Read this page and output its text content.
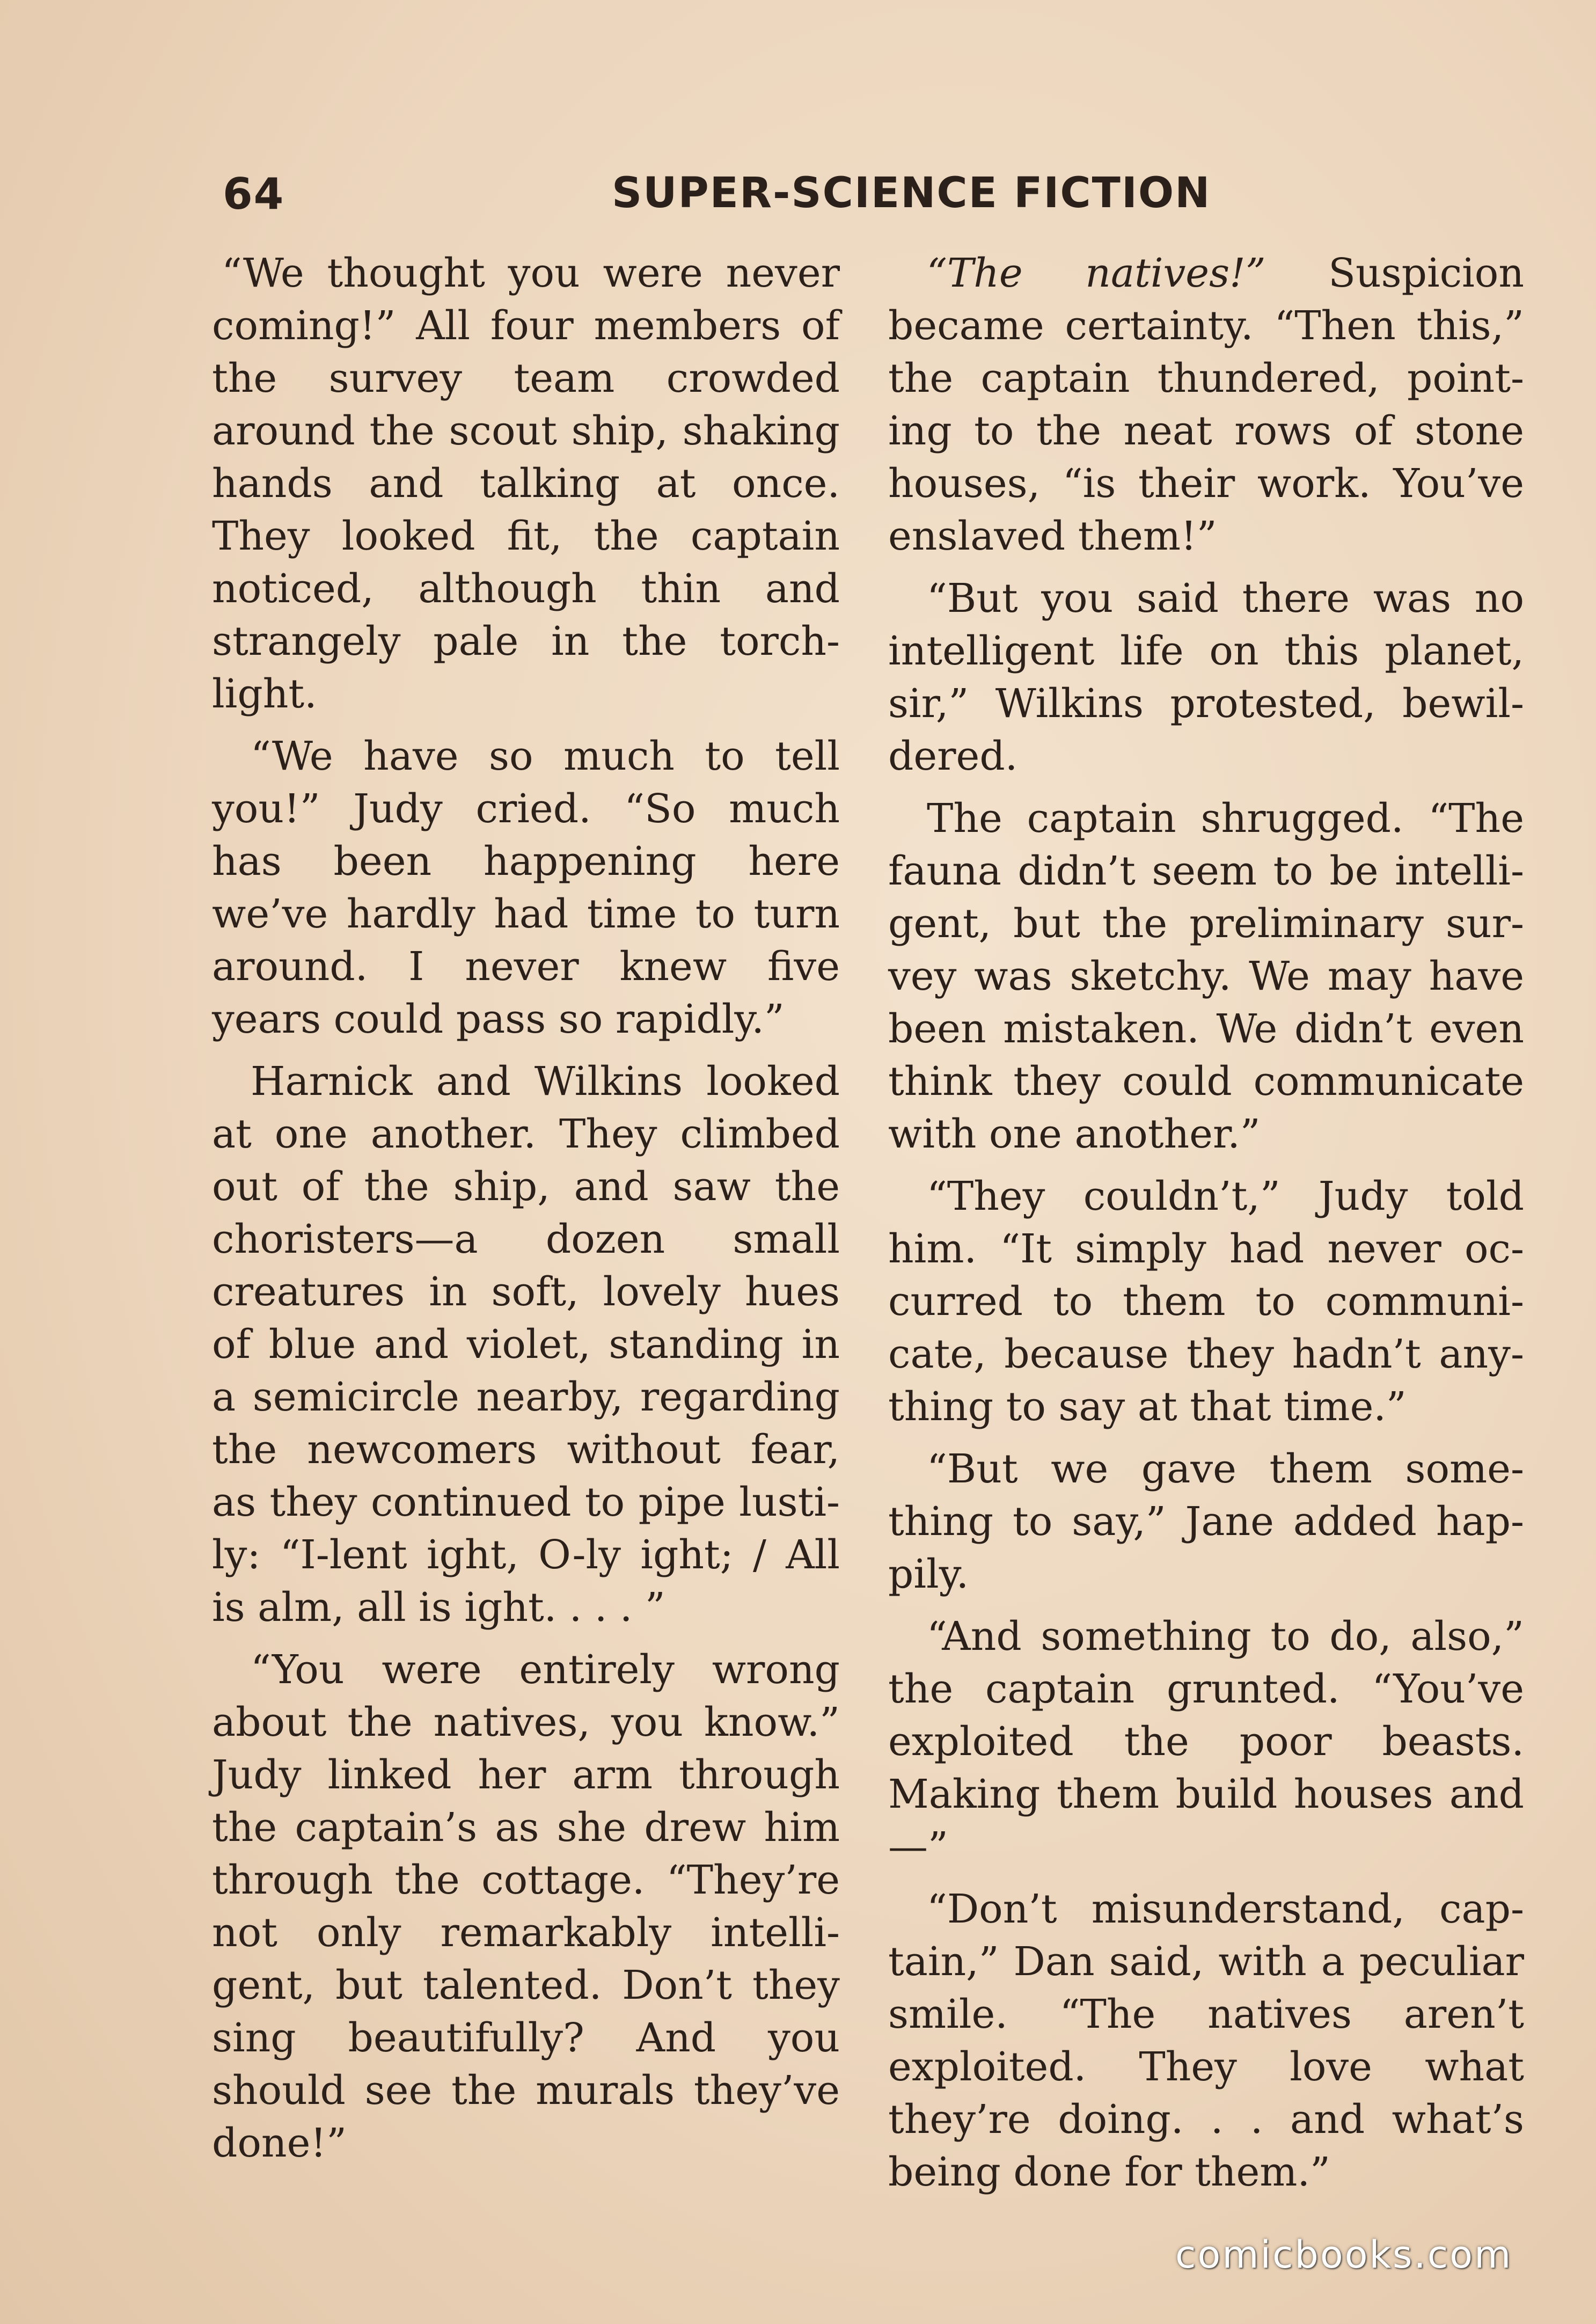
64	SUPER-SCIENCE FICTION

“We thought you were never coming!” All four members of the survey team crowded around the scout ship, shaking hands and talking at once. They looked fit, the captain noticed, although thin and strangely pale in the torchlight.

“We have so much to tell you!” Judy cried. “So much has been happening here we’ve hardly had time to turn around. I never knew five years could pass so rapidly.”

Harnick and Wilkins looked at one another. They climbed out of the ship, and saw the choristers—a dozen small creatures in soft, lovely hues of blue and violet, standing in a semicircle nearby, regarding the newcomers without fear, as they continued to pipe lustily: “I-lent ight, O-ly ight; / All is alm, all is ight. . . . ”

“You were entirely wrong about the natives, you know.” Judy linked her arm through the captain’s as she drew him through the cottage. “They’re not only remarkably intelligent, but talented. Don’t they sing beautifully? And you should see the murals they’ve done!”

“The natives!” Suspicion became certainty. “Then this,” the captain thundered, pointing to the neat rows of stone houses, “is their work. You’ve enslaved them!”

“But you said there was no intelligent life on this planet, sir,” Wilkins protested, bewildered.

The captain shrugged. “The fauna didn’t seem to be intelligent, but the preliminary survey was sketchy. We may have been mistaken. We didn’t even think they could communicate with one another.”

“They couldn’t,” Judy told him. “It simply had never occurred to them to communicate, because they hadn’t anything to say at that time.”

“But we gave them something to say,” Jane added happily.

“And something to do, also,” the captain grunted. “You’ve exploited the poor beasts. Making them build houses and—”

“Don’t misunderstand, captain,” Dan said, with a peculiar smile. “The natives aren’t exploited. They love what they’re doing. . . and what’s being done for them.”

comicbooks.com
